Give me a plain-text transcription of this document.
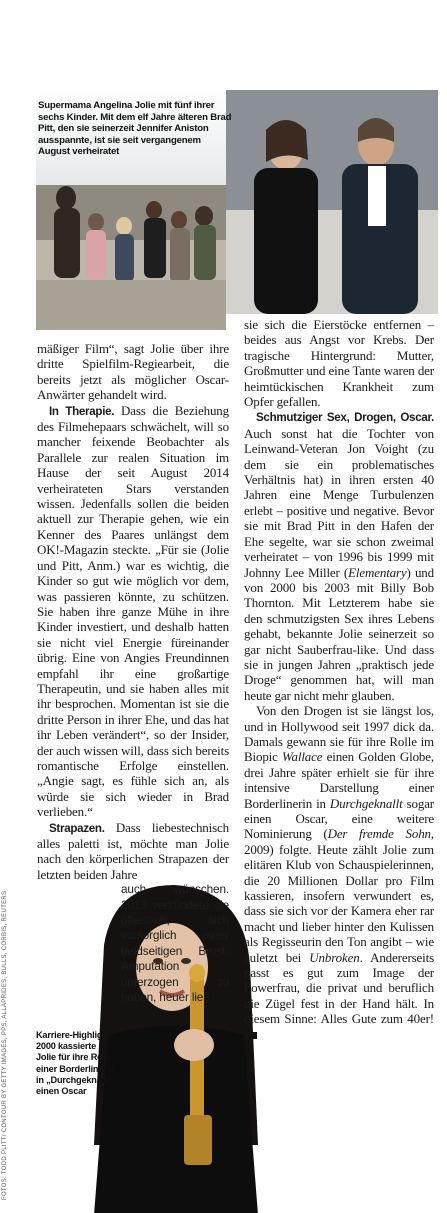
Supermama Angelina Jolie mit fünf ihrer sechs Kinder. Mit dem elf Jahre älteren Brad Pitt, den sie seinerzeit Jennifer Aniston ausspannte, ist sie seit vergangenem August verheiratet
Karriere-Highlight: 2000 kassierte Jolie für ihre Rolle einer Borderlinerin in „Durchgeknallt“ einen Oscar
FOTOS: TODD PLITT/ CONTOUR BY GETTY IMAGES, PPS, ALLAPRIDES, BULLS, CORBIS, REUTERS

mäßiger Film“, sagt Jolie über ihre dritte Spielfilm-Regiearbeit, die bereits jetzt als möglicher Oscar-Anwärter gehandelt wird.

In Therapie. Dass die Beziehung des Filmehepaars schwächelt, will so mancher feixende Beobachter als Parallele zur realen Situation im Hause der seit August 2014 verheirateten Stars verstanden wissen. Jedenfalls sollen die beiden aktuell zur Therapie gehen, wie ein Kenner des Paares unlängst dem OK!-Magazin steckte. „Für sie (Jolie und Pitt, Anm.) war es wichtig, die Kinder so gut wie möglich vor dem, was passieren könnte, zu schützen. Sie haben ihre ganze Mühe in ihre Kinder investiert, und deshalb hatten sie nicht viel Energie füreinander übrig. Eine von Angies Freundinnen empfahl ihr eine großartige Therapeutin, und sie haben alles mit ihr besprochen. Momentan ist sie die dritte Person in ihrer Ehe, und das hat ihr Leben verändert“, so der Insider, der auch wissen will, dass sich bereits romantische Erfolge einstellen. „Angie sagt, es fühle sich an, als würde sie sich wieder in Brad verlieben.“

Strapazen. Dass liebestechnisch alles paletti ist, möchte man Jolie nach den körperlichen Strapazen der letzten beiden Jahre

auch wünschen. 2013 verkündete sie öffentlich, sich vorsorglich einer beidseitigen Brust-Amputation unterzogen zu haben, heuer ließ

sie sich die Eierstöcke entfernen – beides aus Angst vor Krebs. Der tragische Hintergrund: Mutter, Großmutter und eine Tante waren der heimtückischen Krankheit zum Opfer gefallen.

Schmutziger Sex, Drogen, Oscar. Auch sonst hat die Tochter von Leinwand-Veteran Jon Voight (zu dem sie ein problematisches Verhältnis hat) in ihren ersten 40 Jahren eine Menge Turbulenzen erlebt – positive und negative. Bevor sie mit Brad Pitt in den Hafen der Ehe segelte, war sie schon zweimal verheiratet – von 1996 bis 1999 mit Johnny Lee Miller (Elementary) und von 2000 bis 2003 mit Billy Bob Thornton. Mit Letzterem habe sie den schmutzigsten Sex ihres Lebens gehabt, bekannte Jolie seinerzeit so gar nicht Sauberfrau-like. Und dass sie in jungen Jahren „praktisch jede Droge“ genommen hat, will man heute gar nicht mehr glauben.

Von den Drogen ist sie längst los, und in Hollywood seit 1997 dick da. Damals gewann sie für ihre Rolle im Biopic Wallace einen Golden Globe, drei Jahre später erhielt sie für ihre intensive Darstellung einer Borderlinerin in Durchgeknallt sogar einen Oscar, eine weitere Nominierung (Der fremde Sohn, 2009) folgte. Heute zählt Jolie zum elitären Klub von Schauspielerinnen, die 20 Millionen Dollar pro Film kassieren, insofern verwundert es, dass sie sich vor der Kamera eher rar macht und lieber hinter den Kulissen als Regisseurin den Ton angibt – wie zuletzt bei Unbroken. Andererseits passt es gut zum Image der Powerfrau, die privat und beruflich die Zügel fest in der Hand hält. In diesem Sinne: Alles Gute zum 40er!
